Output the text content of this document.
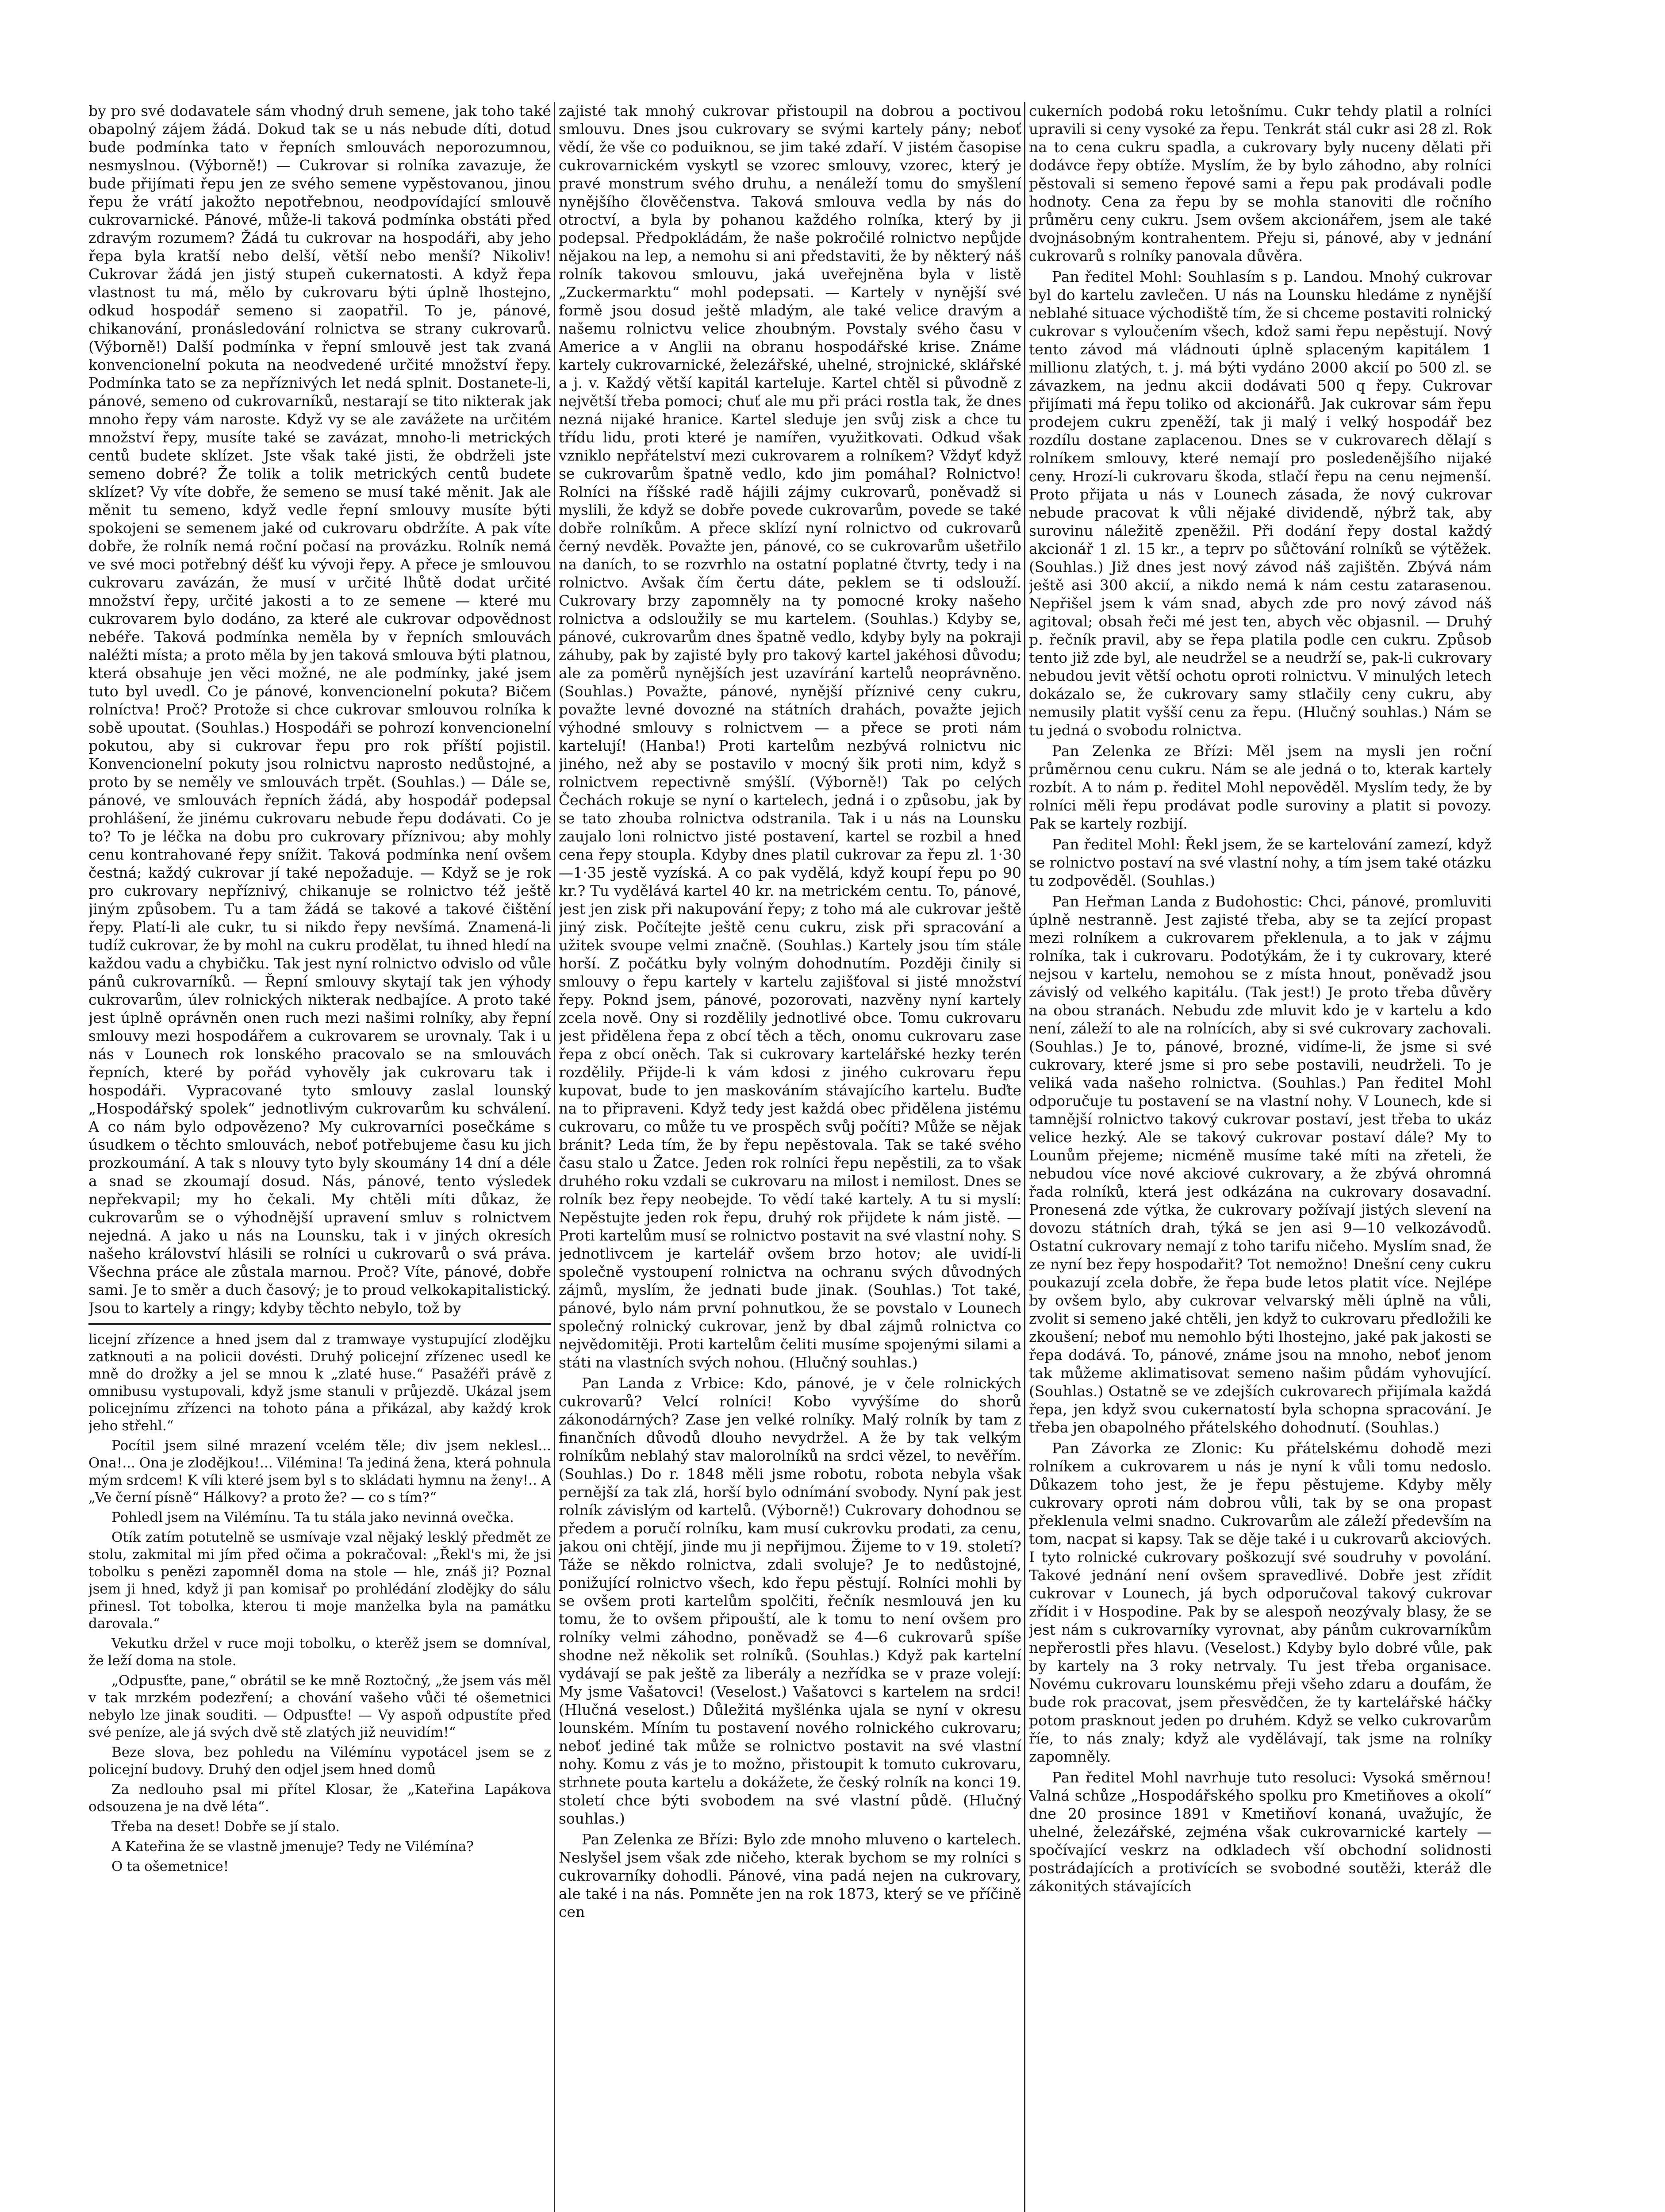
by pro své dodavatele sám vhodný druh semene, jak toho také obapolný zájem žádá. Dokud tak se u nás nebude díti, dotud bude podmínka tato v řepních smlouvách neporozumnou, nesmyslnou. (Výborně!) — Cukrovar si rolníka zavazuje, že bude přijímati řepu jen ze svého semene vypěstovanou, jinou řepu že vrátí jakožto nepotřebnou, neodpovídající smlouvě cukrovarnické. Pánové, může-li taková podmínka obstáti před zdravým rozumem? Žádá tu cukrovar na hospodáři, aby jeho řepa byla kratší nebo delší, větší nebo menší? Nikoliv! Cukrovar žádá jen jistý stupeň cukernatosti. A když řepa vlastnost tu má, mělo by cukrovaru býti úplně lhostejno, odkud hospodář semeno si zaopatřil. To je, pánové, chikanování, pronásledování rolnictva se strany cukrovarů. (Výborně!) Další podmínka v řepní smlouvě jest tak zvaná konvencionelní pokuta na neodvedené určité množství řepy. Podmínka tato se za nepříznivých let nedá splnit. Dostanete-li, pánové, semeno od cukrovarníků, nestarají se tito nikterak jak mnoho řepy vám naroste. Když vy se ale zavážete na určitém množství řepy, musíte také se zavázat, mnoho-li metrických centů budete sklízet. Jste však také jisti, že obdrželi jste semeno dobré? Že tolik a tolik metrických centů budete sklízet? Vy víte dobře, že semeno se musí také měnit. Jak ale měnit tu semeno, když vedle řepní smlouvy musíte býti spokojeni se semenem jaké od cukrovaru obdržíte. A pak víte dobře, že rolník nemá roční počasí na provázku. Rolník nemá ve své moci potřebný déšť ku vývoji řepy. A přece je smlouvou cukrovaru zavázán, že musí v určité lhůtě dodat určité množství řepy, určité jakosti a to ze semene — které mu cukrovarem bylo dodáno, za které ale cukrovar odpovědnost nebéře. Taková podmínka neměla by v řepních smlouvách naléžti místa; a proto měla by jen taková smlouva býti platnou, která obsahuje jen věci možné, ne ale podmínky, jaké jsem tuto byl uvedl. Co je pánové, konvencionelní pokuta? Bičem rolníctva! Proč? Protože si chce cukrovar smlouvou rolníka k sobě upoutat. (Souhlas.) Hospodáři se pohrozí konvencionelní pokutou, aby si cukrovar řepu pro rok příští pojistil. Konvencionelní pokuty jsou rolnictvu naprosto nedůstojné, a proto by se neměly ve smlouvách trpět. (Souhlas.) — Dále se, pánové, ve smlouvách řepních žádá, aby hospodář podepsal prohlášení, že jinému cukrovaru nebude řepu dodávati. Co je to? To je léčka na dobu pro cukrovary příznivou; aby mohly cenu kontrahované řepy snížit. Taková podmínka není ovšem čestná; každý cukrovar jí také nepožaduje. — Když se je rok pro cukrovary nepříznivý, chikanuje se rolnictvo též ještě jiným způsobem. Tu a tam žádá se takové a takové čištění řepy. Platí-li ale cukr, tu si nikdo řepy nevšímá. Znamená-li tudíž cukrovar, že by mohl na cukru prodělat, tu ihned hledí na každou vadu a chybičku. Tak jest nyní rolnictvo odvislo od vůle pánů cukrovarníků. — Řepní smlouvy skytají tak jen výhody cukrovarům, úlev rolnických nikterak nedbajíce. A proto také jest úplně oprávněn onen ruch mezi našimi rolníky, aby řepní smlouvy mezi hospodářem a cukrovarem se urovnaly. Tak i u nás v Lounech rok lonského pracovalo se na smlouvách řepních, které by pořád vyhověly jak cukrovaru tak i hospodáři. Vypracované tyto smlouvy zaslal lounský „Hospodářský spolek“ jednotlivým cukrovarům ku schválení. A co nám bylo odpovězeno? My cukrovarníci posečkáme s úsudkem o těchto smlouvách, neboť potřebujeme času ku jich prozkoumání. A tak s nlouvy tyto byly skoumány 14 dní a déle a snad se zkoumají dosud. Nás, pánové, tento výsledek nepřekvapil; my ho čekali. My chtěli míti důkaz, že cukrovarům se o výhodnější upravení smluv s rolnictvem nejedná. A jako u nás na Lounsku, tak i v jiných okresích našeho království hlásili se rolníci u cukrovarů o svá práva. Všechna práce ale zůstala marnou. Proč? Víte, pánové, dobře sami. Je to směr a duch časový; je to proud velkokapitalistický. Jsou to kartely a ringy; kdyby těchto nebylo, tož by

licejní zřízence a hned jsem dal z tramwaye vystupující zlodějku zatknouti a na policii dovésti. Druhý policejní zřízenec usedl ke mně do drožky a jel se mnou k „zlaté huse.“ Pasažéři právě z omnibusu vystupovali, když jsme stanuli v průjezdě. Ukázal jsem policejnímu zřízenci na tohoto pána a přikázal, aby každý krok jeho střehl.“

Pocítil jsem silné mrazení vcelém těle; div jsem neklesl... Ona!... Ona je zlodějkou!... Vilémina! Ta jediná žena, která pohnula mým srdcem! K víli které jsem byl s to skládati hymnu na ženy!.. A „Ve černí písně“ Hálkovy? a proto že? — co s tím?“

Pohledl jsem na Vilémínu. Ta tu stála jako nevinná ovečka.

Otík zatím potutelně se usmívaje vzal nějaký lesklý předmět ze stolu, zakmital mi jím před očima a pokračoval: „Řekl's mi, že jsi tobolku s penězi zapomněl doma na stole — hle, znáš ji? Poznal jsem ji hned, když ji pan komisař po prohlédání zlodějky do sálu přinesl. Tot tobolka, kterou ti moje manželka byla na památku darovala.“

Vekutku držel v ruce moji tobolku, o kterěž jsem se domníval, že leží doma na stole.

„Odpusťte, pane,“ obrátil se ke mně Roztočný, „že jsem vás měl v tak mrzkém podezření; a chování vašeho vůči té ošemetnici nebylo lze jinak souditi. — Odpusťte! — Vy aspoň odpustíte před své peníze, ale já svých dvě stě zlatých již neuvidím!“

Beze slova, bez pohledu na Vilémínu vypotácel jsem se z policejní budovy. Druhý den odjel jsem hned domů

Za nedlouho psal mi přítel Klosar, že „Kateřina Lapákova odsouzena je na dvě léta“.

Třeba na deset! Dobře se jí stalo.

A Kateřina že se vlastně jmenuje? Tedy ne Vilémína?

O ta ošemetnice!

zajisté tak mnohý cukrovar přistoupil na dobrou a poctivou smlouvu. Dnes jsou cukrovary se svými kartely pány; neboť vědí, že vše co poduiknou, se jim také zdaří. V jistém časopise cukrovarnickém vyskytl se vzorec smlouvy, vzorec, který je pravé monstrum svého druhu, a nenáleží tomu do smyšlení nynějšího člověčenstva. Taková smlouva vedla by nás do otroctví, a byla by pohanou každého rolníka, který by ji podepsal. Předpokládám, že naše pokročilé rolnictvo nepůjde nějakou na lep, a nemohu si ani představiti, že by některý náš rolník takovou smlouvu, jaká uveřejněna byla v listě „Zuckermarktu“ mohl podepsati. — Kartely v nynější své formě jsou dosud ještě mladým, ale také velice dravým a našemu rolnictvu velice zhoubným. Povstaly svého času v Americe a v Anglii na obranu hospodářské krise. Známe kartely cukrovarnické, železářské, uhelné, strojnické, sklářské a j. v. Každý větší kapitál karteluje. Kartel chtěl si původně z největší třeba pomoci; chuť ale mu při práci rostla tak, že dnes nezná nijaké hranice. Kartel sleduje jen svůj zisk a chce tu třídu lidu, proti které je namířen, využitkovati. Odkud však vzniklo nepřátelství mezi cukrovarem a rolníkem? Vždyť když se cukrovarům špatně vedlo, kdo jim pomáhal? Rolnictvo! Rolníci na říšské radě hájili zájmy cukrovarů, poněvadž si myslili, že když se dobře povede cukrovarům, povede se také dobře rolníkům. A přece sklízí nyní rolnictvo od cukrovarů černý nevděk. Považte jen, pánové, co se cukrovarům ušetřilo na daních, to se rozvrhlo na ostatní poplatné čtvrty, tedy i na rolnictvo. Avšak čím čertu dáte, peklem se ti odslouží. Cukrovary brzy zapomněly na ty pomocné kroky našeho rolnictva a odsloužily se mu kartelem. (Souhlas.) Kdyby se, pánové, cukrovarům dnes špatně vedlo, kdyby byly na pokraji záhuby, pak by zajisté byly pro takový kartel jakéhosi důvodu; ale za poměrů nynějších jest uzavírání kartelů neoprávněno. (Souhlas.) Považte, pánové, nynější příznivé ceny cukru, považte levné dovozné na státních drahách, považte jejich výhodné smlouvy s rolnictvem — a přece se proti nám kartelují! (Hanba!) Proti kartelům nezbývá rolnictvu nic jiného, než aby se postavilo v mocný šik proti nim, když s rolnictvem repectivně smýšlí. (Výborně!) Tak po celých Čechách rokuje se nyní o kartelech, jedná i o způsobu, jak by se tato zhouba rolnictva odstranila. Tak i u nás na Lounsku zaujalo loni rolnictvo jisté postavení, kartel se rozbil a hned cena řepy stoupla. Kdyby dnes platil cukrovar za řepu zl. 1·30—1·35 jestě vyzíská. A co pak vydělá, když koupí řepu po 90 kr.? Tu vydělává kartel 40 kr. na metrickém centu. To, pánové, jest jen zisk při nakupování řepy; z toho má ale cukrovar ještě jiný zisk. Počítejte ještě cenu cukru, zisk při spracování a užitek svoupe velmi značně. (Souhlas.) Kartely jsou tím stále horší. Z počátku byly volným dohodnutím. Později činily si smlouvy o řepu kartely v kartelu zajišťoval si jisté množství řepy. Poknd jsem, pánové, pozorovati, nazvěny nyní kartely zcela nově. Ony si rozdělily jednotlivé obce. Tomu cukrovaru jest přidělena řepa z obcí těch a těch, onomu cukrovaru zase řepa z obcí oněch. Tak si cukrovary kartelářské hezky terén rozdělily. Přijde-li k vám kdosi z jiného cukrovaru řepu kupovat, bude to jen maskováním stávajícího kartelu. Buďte na to připraveni. Když tedy jest každá obec přidělena jistému cukrovaru, co může tu ve prospěch svůj počíti? Může se nějak bránit? Leda tím, že by řepu nepěstovala. Tak se také svého času stalo u Žatce. Jeden rok rolníci řepu nepěstili, za to však druhého roku vzdali se cukrovaru na milost i nemilost. Dnes se rolník bez řepy neobejde. To vědí také kartely. A tu si myslí: Nepěstujte jeden rok řepu, druhý rok přijdete k nám jistě. — Proti kartelům musí se rolnictvo postavit na své vlastní nohy. S jednotlivcem je kartelář ovšem brzo hotov; ale uvidí-li společně vystoupení rolnictva na ochranu svých důvodných zájmů, myslím, že jednati bude jinak. (Souhlas.) Tot také, pánové, bylo nám první pohnutkou, že se povstalo v Lounech společný rolnický cukrovar, jenž by dbal zájmů rolnictva co nejvědomitěji. Proti kartelům čeliti musíme spojenými silami a státi na vlastních svých nohou. (Hlučný souhlas.)

Pan Landa z Vrbice: Kdo, pánové, je v čele rolnických cukrovarů? Velcí rolníci! Kobo vyvýšíme do shorů zákonodárných? Zase jen velké rolníky. Malý rolník by tam z finančních důvodů dlouho nevydržel. A že by tak velkým rolníkům neblahý stav malorolníků na srdci vězel, to nevěřím. (Souhlas.) Do r. 1848 měli jsme robotu, robota nebyla však pernější za tak zlá, horší bylo odnímání svobody. Nyní pak jest rolník závislým od kartelů. (Výborně!) Cukrovary dohodnou se předem a poručí rolníku, kam musí cukrovku prodati, za cenu, jakou oni chtějí, jinde mu ji nepřijmou. Žijeme to v 19. století? Táže se někdo rolnictva, zdali svoluje? Je to nedůstojné, ponižující rolnictvo všech, kdo řepu pěstují. Rolníci mohli by se ovšem proti kartelům spolčiti, řečník nesmlouvá jen ku tomu, že to ovšem připouští, ale k tomu to není ovšem pro rolníky velmi záhodno, poněvadž se 4—6 cukrovarů spíše shodne než několik set rolníků. (Souhlas.) Když pak kartelní vydávají se pak ještě za liberály a nezřídka se v praze volejí: My jsme Vašatovci! (Veselost.) Vašatovci s kartelem na srdci! (Hlučná veselost.) Důležitá myšlénka ujala se nyní v okresu lounském. Míním tu postavení nového rolnického cukrovaru; neboť jediné tak může se rolnictvo postavit na své vlastní nohy. Komu z vás je to možno, přistoupit k tomuto cukrovaru, strhnete pouta kartelu a dokážete, že český rolník na konci 19. století chce býti svobodem na své vlastní půdě. (Hlučný souhlas.)

Pan Zelenka ze Břízi: Bylo zde mnoho mluveno o kartelech. Neslyšel jsem však zde ničeho, kterak bychom se my rolníci s cukrovarníky dohodli. Pánové, vina padá nejen na cukrovary, ale také i na nás. Pomněte jen na rok 1873, který se ve příčině cen

cukerních podobá roku letošnímu. Cukr tehdy platil a rolníci upravili si ceny vysoké za řepu. Tenkrát stál cukr asi 28 zl. Rok na to cena cukru spadla, a cukrovary byly nuceny dělati při dodávce řepy obtíže. Myslím, že by bylo záhodno, aby rolníci pěstovali si semeno řepové sami a řepu pak prodávali podle hodnoty. Cena za řepu by se mohla stanoviti dle ročního průměru ceny cukru. Jsem ovšem akcionářem, jsem ale také dvojnásobným kontrahentem. Přeju si, pánové, aby v jednání cukrovarů s rolníky panovala důvěra.

Pan ředitel Mohl: Souhlasím s p. Landou. Mnohý cukrovar byl do kartelu zavlečen. U nás na Lounsku hledáme z nynější neblahé situace východiště tím, že si chceme postaviti rolnický cukrovar s vyloučením všech, kdož sami řepu nepěstují. Nový tento závod má vládnouti úplně splaceným kapitálem 1 millionu zlatých, t. j. má býti vydáno 2000 akcií po 500 zl. se závazkem, na jednu akcii dodávati 500 q řepy. Cukrovar přijímati má řepu toliko od akcionářů. Jak cukrovar sám řepu prodejem cukru zpeněží, tak ji malý i velký hospodář bez rozdílu dostane zaplacenou. Dnes se v cukrovarech dělají s rolníkem smlouvy, které nemají pro posledenějšího nijaké ceny. Hrozí-li cukrovaru škoda, stlačí řepu na cenu nejmenší. Proto přijata u nás v Lounech zásada, že nový cukrovar nebude pracovat k vůli nějaké dividendě, nýbrž tak, aby surovinu náležitě zpeněžil. Při dodání řepy dostal každý akcionář 1 zl. 15 kr., a teprv po sůčtování rolníků se výtěžek. (Souhlas.) Již dnes jest nový závod náš zajištěn. Zbývá nám ještě asi 300 akcií, a nikdo nemá k nám cestu zatarasenou. Nepřišel jsem k vám snad, abych zde pro nový závod náš agitoval; obsah řeči mé jest ten, abych věc objasnil. — Druhý p. řečník pravil, aby se řepa platila podle cen cukru. Způsob tento již zde byl, ale neudržel se a neudrží se, pak-li cukrovary nebudou jevit větší ochotu oproti rolnictvu. V minulých letech dokázalo se, že cukrovary samy stlačily ceny cukru, aby nemusily platit vyšší cenu za řepu. (Hlučný souhlas.) Nám se tu jedná o svobodu rolnictva.

Pan Zelenka ze Břízi: Měl jsem na mysli jen roční průměrnou cenu cukru. Nám se ale jedná o to, kterak kartely rozbít. A to nám p. ředitel Mohl nepověděl. Myslím tedy, že by rolníci měli řepu prodávat podle suroviny a platit si povozy. Pak se kartely rozbijí.

Pan ředitel Mohl: Řekl jsem, že se kartelování zamezí, když se rolnictvo postaví na své vlastní nohy, a tím jsem také otázku tu zodpověděl. (Souhlas.)

Pan Heřman Landa z Budohostic: Chci, pánové, promluviti úplně nestranně. Jest zajisté třeba, aby se ta zející propast mezi rolníkem a cukrovarem překlenula, a to jak v zájmu rolníka, tak i cukrovaru. Podotýkám, že i ty cukrovary, které nejsou v kartelu, nemohou se z místa hnout, poněvadž jsou závislý od velkého kapitálu. (Tak jest!) Je proto třeba důvěry na obou stranách. Nebudu zde mluvit kdo je v kartelu a kdo není, záleží to ale na rolnících, aby si své cukrovary zachovali. (Souhlas.) Je to, pánové, brozné, vidíme-li, že jsme si své cukrovary, které jsme si pro sebe postavili, neudrželi. To je veliká vada našeho rolnictva. (Souhlas.) Pan ředitel Mohl odporučuje tu postavení se na vlastní nohy. V Lounech, kde si tamnější rolnictvo takový cukrovar postaví, jest třeba to ukáz velice hezký. Ale se takový cukrovar postaví dále? My to Lounům přejeme; nicméně musíme také míti na zřeteli, že nebudou více nové akciové cukrovary, a že zbývá ohromná řada rolníků, která jest odkázána na cukrovary dosavadní. Pronesená zde výtka, že cukrovary požívají jistých slevení na dovozu státních drah, týká se jen asi 9—10 velkozávodů. Ostatní cukrovary nemají z toho tarifu ničeho. Myslím snad, že ze nyní bez řepy hospodařit? Tot nemožno! Dnešní ceny cukru poukazují zcela dobře, že řepa bude letos platit více. Nejlépe by ovšem bylo, aby cukrovar velvarský měli úplně na vůli, zvolit si semeno jaké chtěli, jen když to cukrovaru předložili ke zkoušení; neboť mu nemohlo býti lhostejno, jaké pak jakosti se řepa dodává. To, pánové, známe jsou na mnoho, neboť jenom tak můžeme aklimatisovat semeno našim půdám vyhovující. (Souhlas.) Ostatně se ve zdejších cukrovarech přijímala každá řepa, jen když svou cukernatostí byla schopna spracování. Je třeba jen obapolného přátelského dohodnutí. (Souhlas.)

Pan Závorka ze Zlonic: Ku přátelskému dohodě mezi rolníkem a cukrovarem u nás je nyní k vůli tomu nedoslo. Důkazem toho jest, že je řepu pěstujeme. Kdyby měly cukrovary oproti nám dobrou vůli, tak by se ona propast překlenula velmi snadno. Cukrovarům ale záleží především na tom, nacpat si kapsy. Tak se děje také i u cukrovarů akciových. I tyto rolnické cukrovary poškozují své soudruhy v povolání. Takové jednání není ovšem spravedlivé. Dobře jest zřídit cukrovar v Lounech, já bych odporučoval takový cukrovar zřídit i v Hospodine. Pak by se alespoň neozývaly blasy, že se jest nám s cukrovarníky vyrovnat, aby pánům cukrovarníkům nepřerostli přes hlavu. (Veselost.) Kdyby bylo dobré vůle, pak by kartely na 3 roky netrvaly. Tu jest třeba organisace. Novému cukrovaru lounskému přeji všeho zdaru a doufám, že bude rok pracovat, jsem přesvědčen, že ty kartelářské háčky potom prasknout jeden po druhém. Když se velko cukrovarům říe, to nás znaly; když ale vydělávají, tak jsme na rolníky zapomněly.

Pan ředitel Mohl navrhuje tuto resoluci: Vysoká směrnou! Valná schůze „Hospodářského spolku pro Kmetiňoves a okolí“ dne 20 prosince 1891 v Kmetiňoví konaná, uvažujíc, že uhelné, železářské, zejména však cukrovarnické kartely — spočívající veskrz na odkladech vší obchodní solidnosti postrádajících a protivících se svobodné soutěži, kteráž dle zákonitých stávajících
